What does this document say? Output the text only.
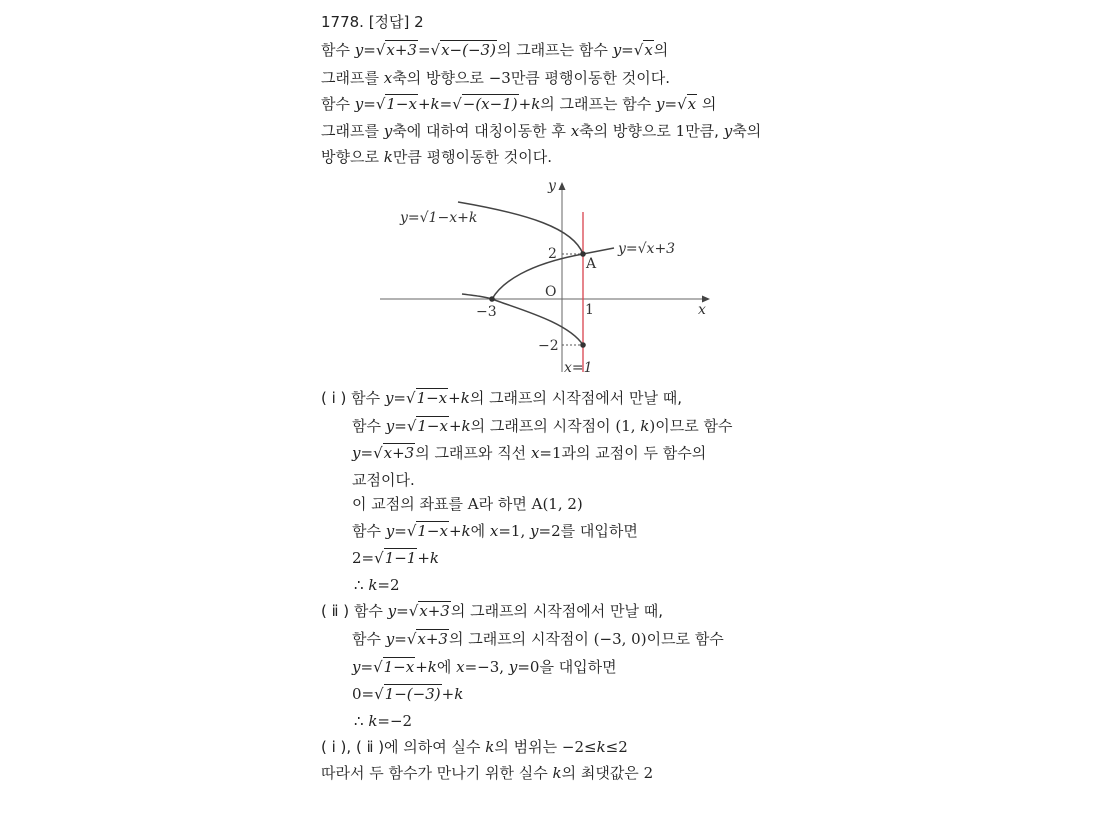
1778. [정답] 2
함수 y=√x+3=√x−(−3)의 그래프는 함수 y=√x의
그래프를 x축의 방향으로 −3만큼 평행이동한 것이다.
함수 y=√1−x+k=√−(x−1)+k의 그래프는 함수 y=√x 의
그래프를 y축에 대하여 대칭이동한 후 x축의 방향으로 1만큼, y축의
방향으로 k만큼 평행이동한 것이다.
y=√1−x+k
y=√x+3
x
y
O
−3	1
2
−2
A
x=1
( ⅰ ) 함수 y=√1−x+k의 그래프의 시작점에서 만날 때,
함수 y=√1−x+k의 그래프의 시작점이 (1, k)이므로 함수
y=√x+3의 그래프와 직선 x=1과의 교점이 두 함수의
교점이다.
이 교점의 좌표를 A라 하면 A(1, 2)
함수 y=√1−x+k에 x=1, y=2를 대입하면
2=√1−1+k
∴ k=2
( ⅱ ) 함수 y=√x+3의 그래프의 시작점에서 만날 때,
함수 y=√x+3의 그래프의 시작점이 (−3, 0)이므로 함수
y=√1−x+k에 x=−3, y=0을 대입하면
0=√1−(−3)+k
∴ k=−2
( ⅰ ), ( ⅱ )에 의하여 실수 k의 범위는 −2≤k≤2
따라서 두 함수가 만나기 위한 실수 k의 최댓값은 2
